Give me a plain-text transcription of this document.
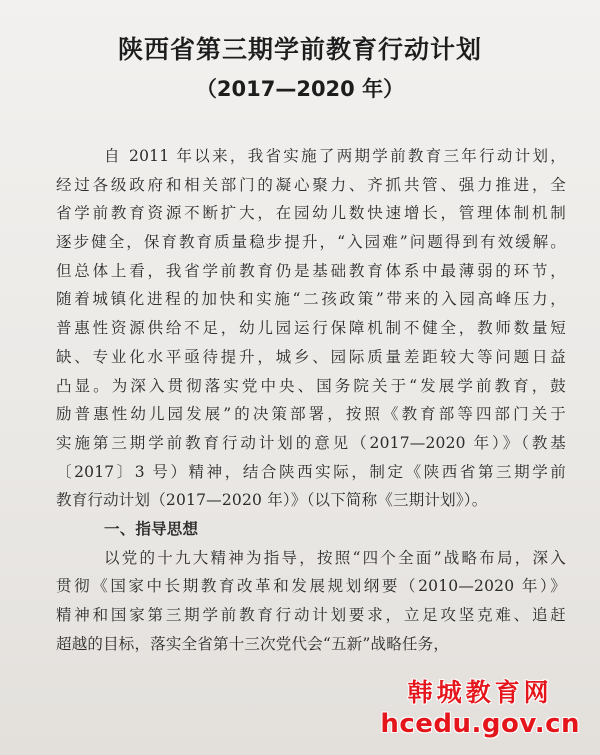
陕西省第三期学前教育行动计划
（2017—2020 年）
自 2011 年以来，我省实施了两期学前教育三年行动计划，
经过各级政府和相关部门的凝心聚力、齐抓共管、强力推进，全
省学前教育资源不断扩大，在园幼儿数快速增长，管理体制机制
逐步健全，保育教育质量稳步提升，“入园难”问题得到有效缓解。
但总体上看，我省学前教育仍是基础教育体系中最薄弱的环节，
随着城镇化进程的加快和实施“二孩政策”带来的入园高峰压力，
普惠性资源供给不足，幼儿园运行保障机制不健全，教师数量短
缺、专业化水平亟待提升，城乡、园际质量差距较大等问题日益
凸显。为深入贯彻落实党中央、国务院关于“发展学前教育，鼓
励普惠性幼儿园发展”的决策部署，按照《教育部等四部门关于
实施第三期学前教育行动计划的意见（2017—2020 年）》（教基
〔2017〕3 号）精神，结合陕西实际，制定《陕西省第三期学前
教育行动计划（2017—2020 年）》（以下简称《三期计划》）。
一、指导思想
以党的十九大精神为指导，按照“四个全面”战略布局，深入
贯彻《国家中长期教育改革和发展规划纲要（2010—2020 年）》
精神和国家第三期学前教育行动计划要求，立足攻坚克难、追赶
超越的目标，落实全省第十三次党代会“五新”战略任务，
韩城教育网
hcedu.gov.cn
